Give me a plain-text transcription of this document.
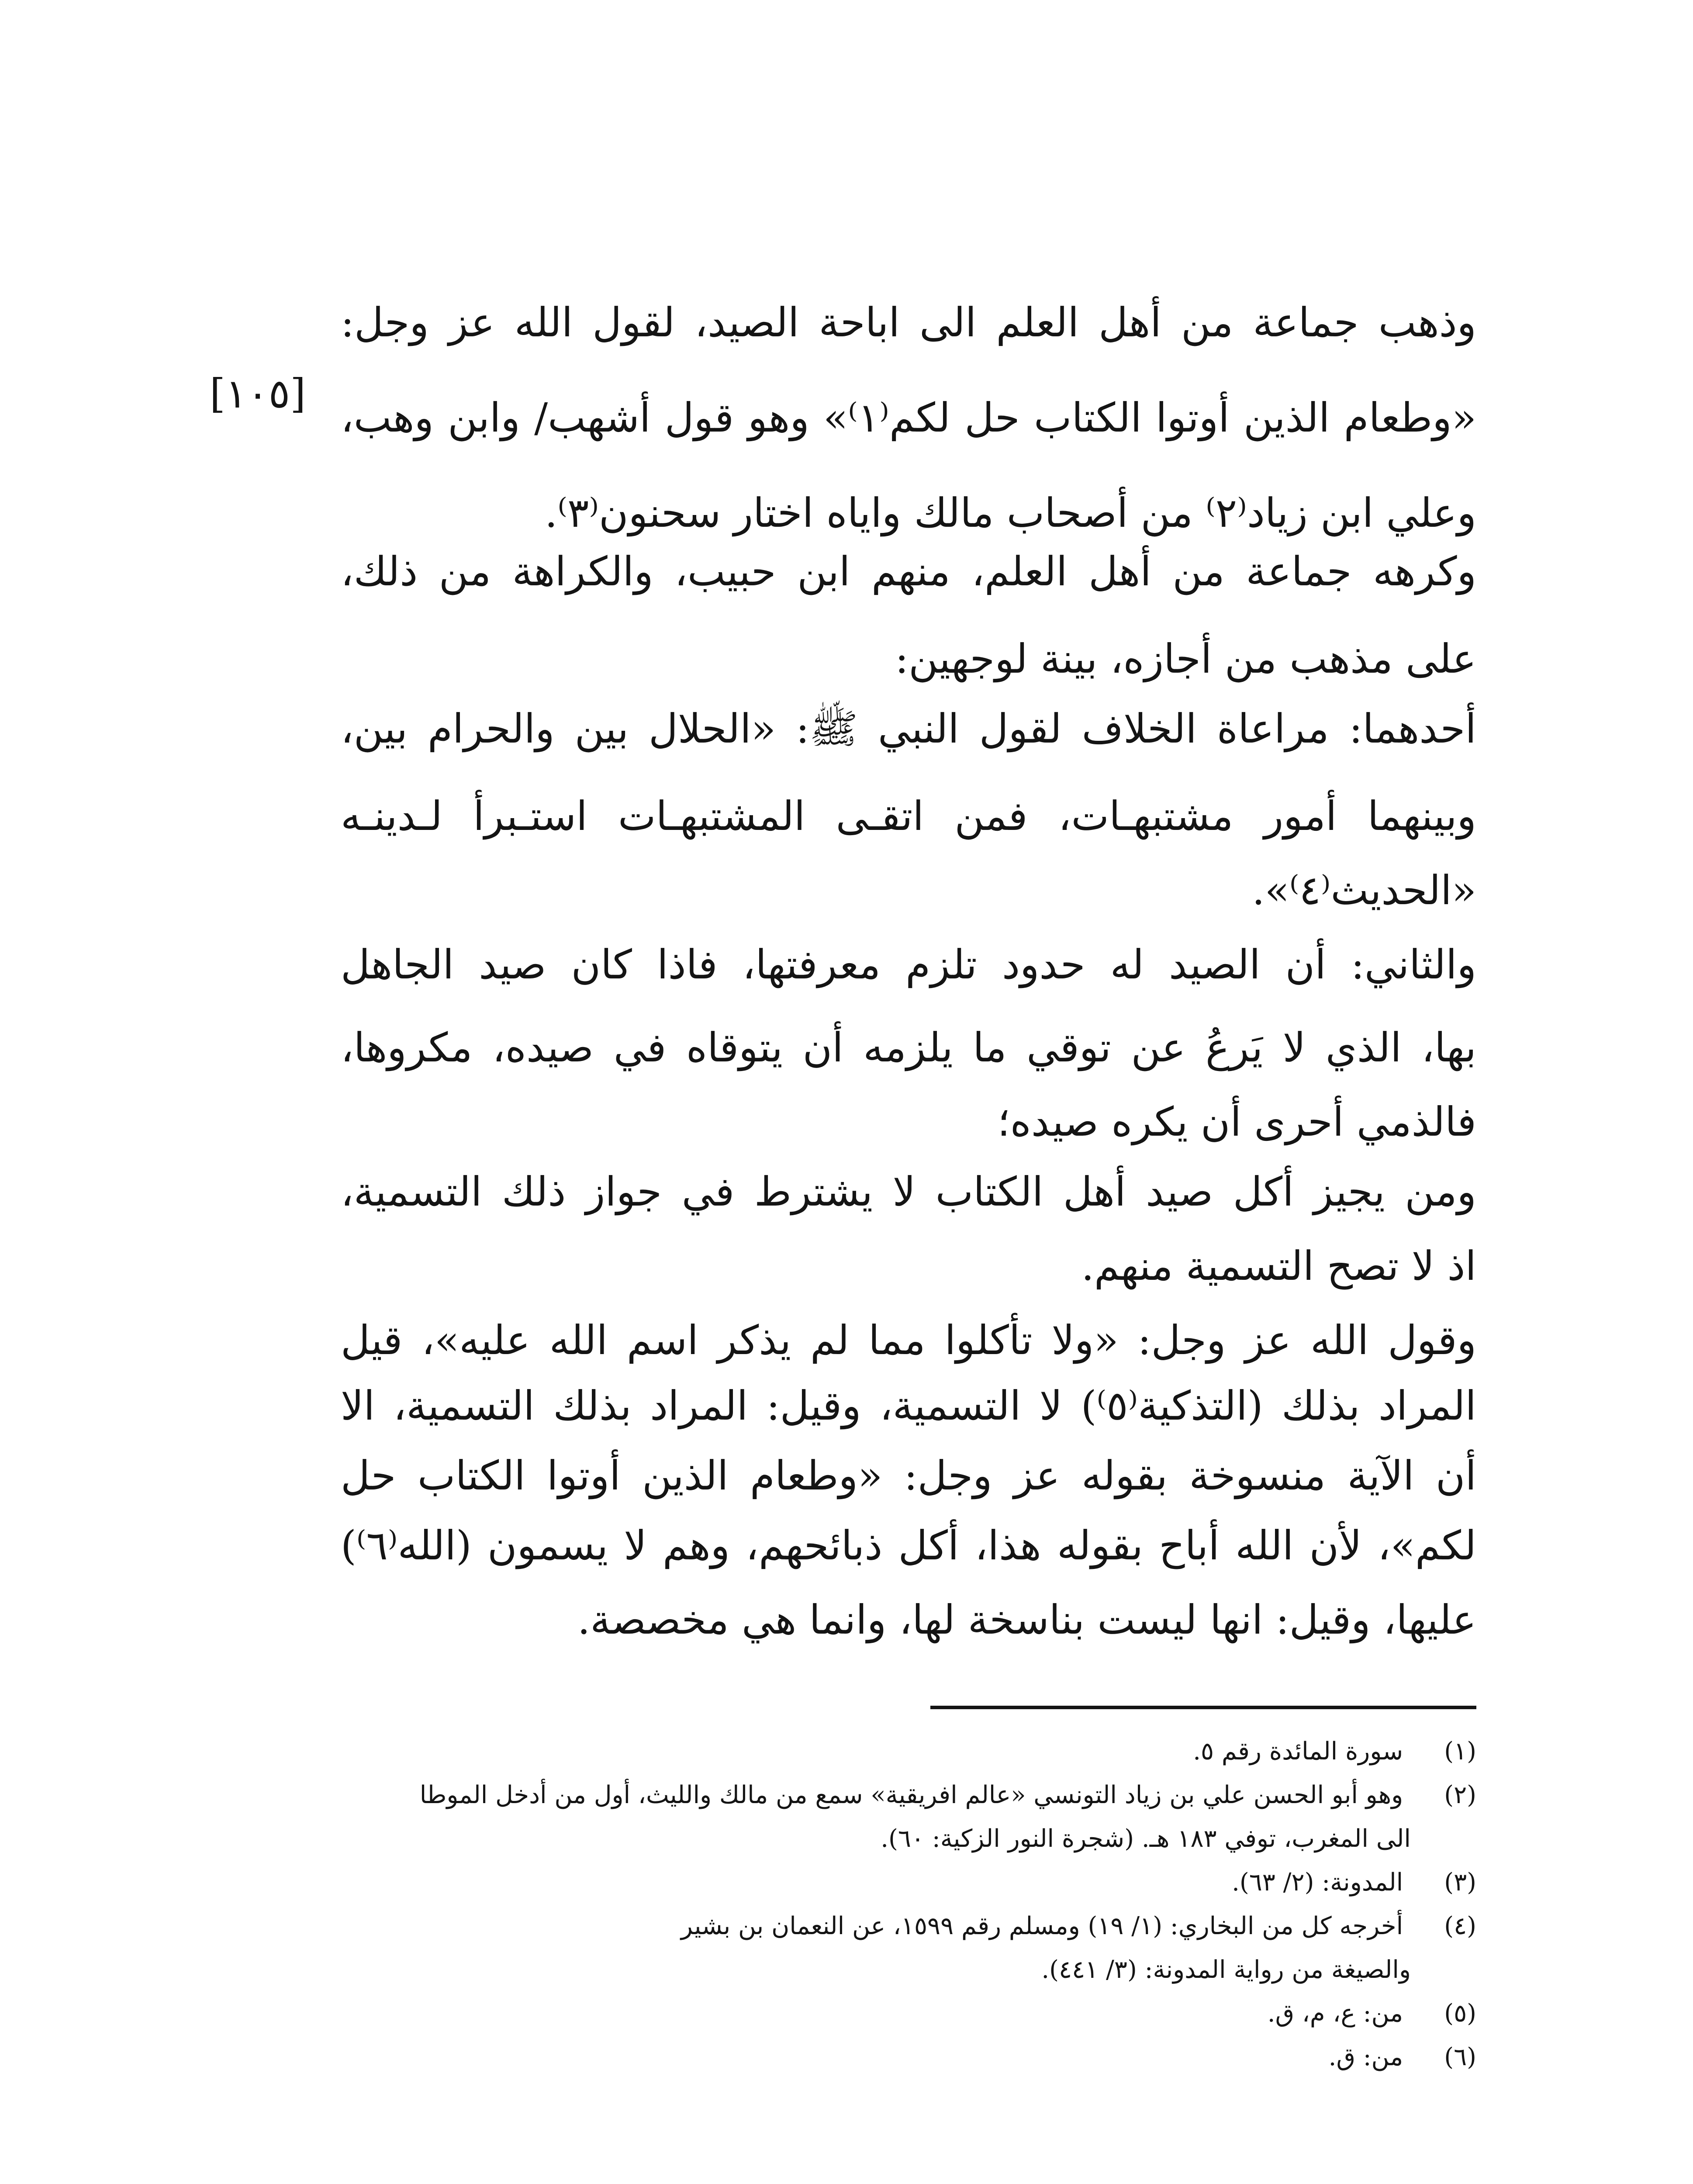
وذهب جماعة من أهل العلم الى اباحة الصيد، لقول الله عز وجل:
«وطعام الذين أوتوا الكتاب حل لكم⁽١⁾» وهو قول أشهب/ وابن وهب،
وعلي ابن زياد⁽٢⁾ من أصحاب مالك واياه اختار سحنون⁽٣⁾.
وكرهه جماعة من أهل العلم، منهم ابن حبيب، والكراهة من ذلك،
على مذهب من أجازه، بينة لوجهين:
أحدهما: مراعاة الخلاف لقول النبي ﷺ: «الحلال بين والحرام بين،
وبينهما أمور مشتبهـات، فمن اتقـى المشتبهـات استـبرأ لـدينـه
«الحديث⁽٤⁾».
والثاني: أن الصيد له حدود تلزم معرفتها، فاذا كان صيد الجاهل
بها، الذي لا يَرعُ عن توقي ما يلزمه أن يتوقاه في صيده، مكروها،
فالذمي أحرى أن يكره صيده؛
ومن يجيز أكل صيد أهل الكتاب لا يشترط في جواز ذلك التسمية،
اذ لا تصح التسمية منهم.
وقول الله عز وجل: «ولا تأكلوا مما لم يذكر اسم الله عليه»، قيل
المراد بذلك (التذكية⁽٥⁾) لا التسمية، وقيل: المراد بذلك التسمية، الا
أن الآية منسوخة بقوله عز وجل: «وطعام الذين أوتوا الكتاب حل
لكم»، لأن الله أباح بقوله هذا، أكل ذبائحهم، وهم لا يسمون (الله⁽٦⁾)
عليها، وقيل: انها ليست بناسخة لها، وانما هي مخصصة.
[١٠٥]
(١) سورة المائدة رقم ٥.
(٢) وهو أبو الحسن علي بن زياد التونسي «عالم افريقية» سمع من مالك والليث، أول من أدخل الموطا
الى المغرب، توفي ١٨٣ هـ. (شجرة النور الزكية: ٦٠).
(٣) المدونة: (٢/ ٦٣).
(٤) أخرجه كل من البخاري: (١/ ١٩) ومسلم رقم ١٥٩٩، عن النعمان بن بشير
والصيغة من رواية المدونة: (٣/ ٤٤١).
(٥) من: ع، م، ق.
(٦) من: ق.
